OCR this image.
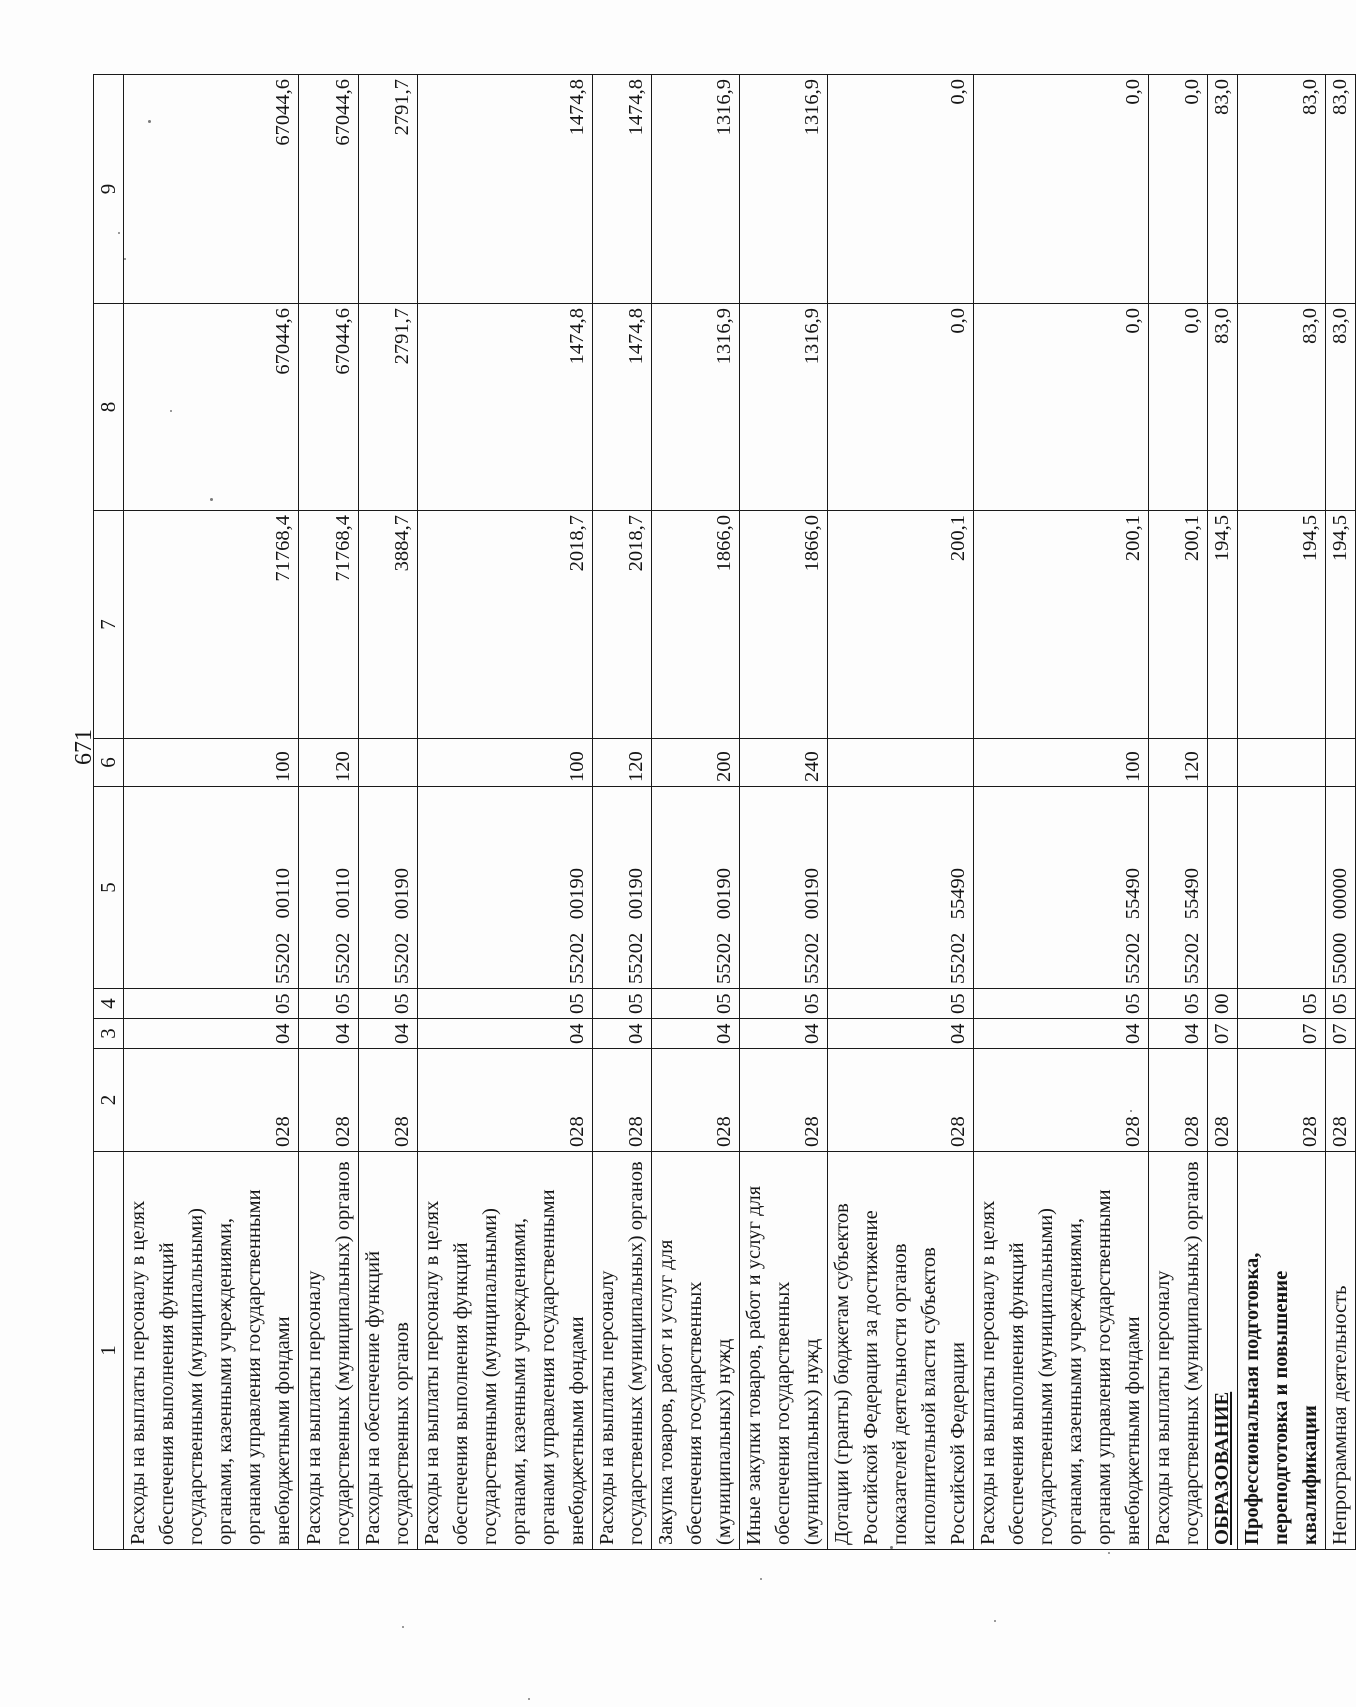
671
1	2	3	4	5	6	7	8	9
Расходы на выплаты персоналу в целях обеспечения выполнения функций государственными (муниципальными) органами, казенными учреждениями, органами управления государственными внебюджетными фондами	028	04	05	5520200110	100	71768,4	67044,6	67044,6
Расходы на выплаты персоналу государственных (муниципальных) органов	028	04	05	5520200110	120	71768,4	67044,6	67044,6
Расходы на обеспечение функций государственных органов	028	04	05	5520200190		3884,7	2791,7	2791,7
Расходы на выплаты персоналу в целях обеспечения выполнения функций государственными (муниципальными) органами, казенными учреждениями, органами управления государственными внебюджетными фондами	028	04	05	5520200190	100	2018,7	1474,8	1474,8
Расходы на выплаты персоналу государственных (муниципальных) органов	028	04	05	5520200190	120	2018,7	1474,8	1474,8
Закупка товаров, работ и услуг для обеспечения государственных (муниципальных) нужд	028	04	05	5520200190	200	1866,0	1316,9	1316,9
Иные закупки товаров, работ и услуг для обеспечения государственных (муниципальных) нужд	028	04	05	5520200190	240	1866,0	1316,9	1316,9
Дотации (гранты) бюджетам субъектов Российской Федерации за достижение показателей деятельности органов исполнительной власти субъектов Российской Федерации	028	04	05	5520255490		200,1	0,0	0,0
Расходы на выплаты персоналу в целях обеспечения выполнения функций государственными (муниципальными) органами, казенными учреждениями, органами управления государственными внебюджетными фондами	028	04	05	5520255490	100	200,1	0,0	0,0
Расходы на выплаты персоналу государственных (муниципальных) органов	028	04	05	5520255490	120	200,1	0,0	0,0
ОБРАЗОВАНИЕ	028	07	00			194,5	83,0	83,0
Профессиональная подготовка, переподготовка и повышение квалификации	028	07	05			194,5	83,0	83,0
Непрограммная деятельность	028	07	05	5500000000		194,5	83,0	83,0
